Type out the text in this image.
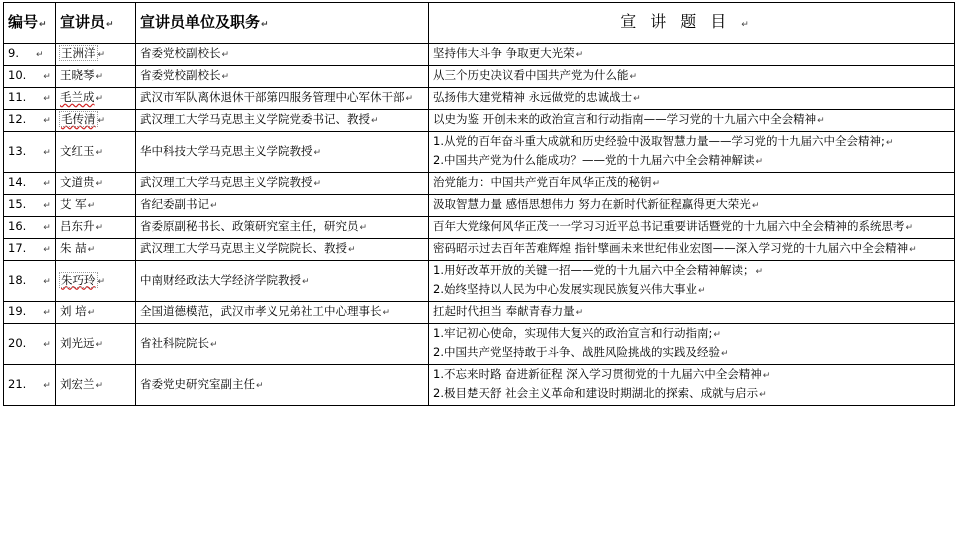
编号↵	宣讲员↵	宣讲员单位及职务↵	宣讲题目↵
9. ↵	王洲洋 ↵	省委党校副校长↵	坚持伟大斗争 争取更大光荣↵

10. ↵	王晓琴↵	省委党校副校长↵	从三个历史决议看中国共产党为什么能↵

11. ↵	毛兰成↵	武汉市军队离休退休干部第四服务管理中心军休干部↵	弘扬伟大建党精神 永远做党的忠诚战士↵

12. ↵	毛传清 ↵	武汉理工大学马克思主义学院党委书记、教授↵	以史为鉴 开创未来的政治宣言和行动指南——学习党的十九届六中全会精神↵

13. ↵	文红玉↵	华中科技大学马克思主义学院教授↵	1.从党的百年奋斗重大成就和历史经验中汲取智慧力量——学习党的十九届六中全会精神;↵
2.中国共产党为什么能成功？——党的十九届六中全会精神解读↵

14. ↵	文道贵↵	武汉理工大学马克思主义学院教授↵	治党能力：中国共产党百年风华正茂的秘钥↵

15. ↵	艾 军↵	省纪委副书记↵	汲取智慧力量 感悟思想伟力 努力在新时代新征程赢得更大荣光↵

16. ↵	吕东升↵	省委原副秘书长、政策研究室主任，研究员↵	百年大党缘何风华正茂一一学习习近平总书记重要讲话暨党的十九届六中全会精神的系统思考↵

17. ↵	朱 喆↵	武汉理工大学马克思主义学院院长、教授↵	密码昭示过去百年苦难辉煌 指针擘画未来世纪伟业宏图——深入学习党的十九届六中全会精神↵

18. ↵	朱巧玲 ↵	中南财经政法大学经济学院教授↵	1.用好改革开放的关键一招——党的十九届六中全会精神解读；↵
2.始终坚持以人民为中心发展实现民族复兴伟大事业↵

19. ↵	刘 培↵	全国道德模范，武汉市孝义兄弟社工中心理事长↵	扛起时代担当 奉献青春力量↵

20. ↵	刘光远↵	省社科院院长↵	1.牢记初心使命，实现伟大复兴的政治宣言和行动指南;↵
2.中国共产党坚持敢于斗争、战胜风险挑战的实践及经验↵

21. ↵	刘宏兰↵	省委党史研究室副主任↵	1.不忘来时路 奋进新征程 深入学习贯彻党的十九届六中全会精神↵
2.极目楚天舒 社会主义革命和建设时期湖北的探索、成就与启示↵
